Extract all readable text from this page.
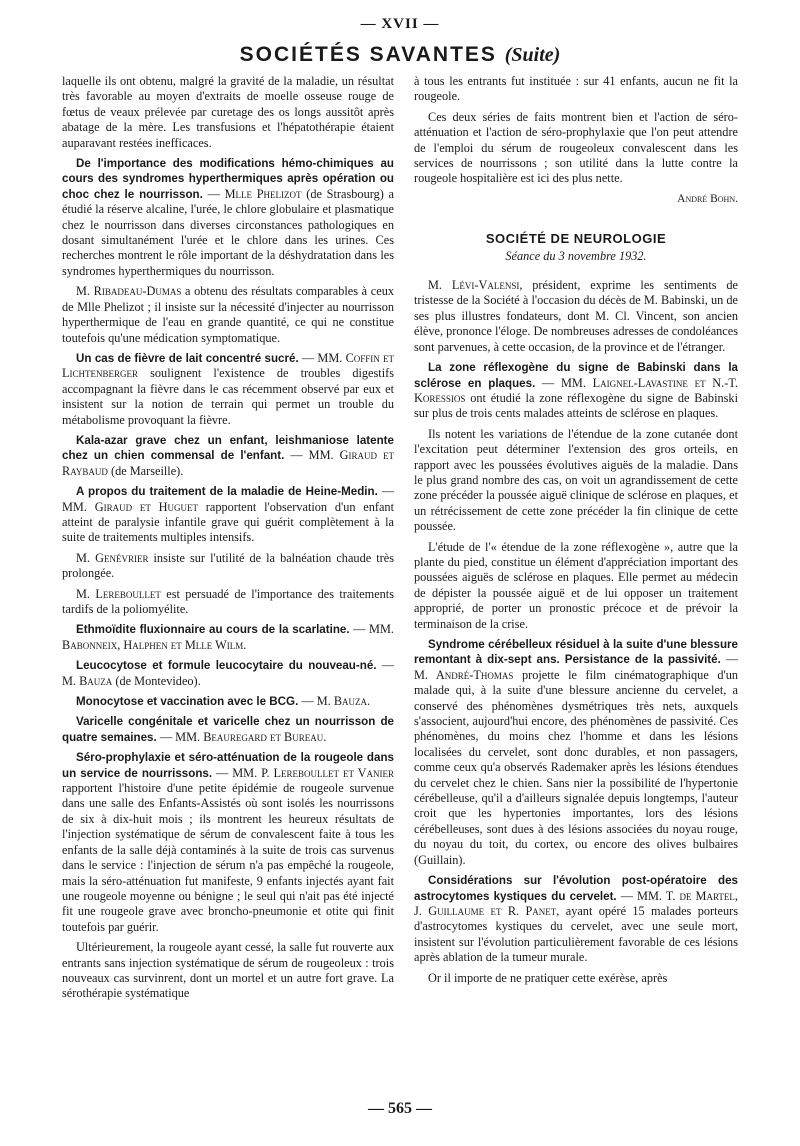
— XVII —
SOCIÉTÉS SAVANTES (Suite)

laquelle ils ont obtenu, malgré la gravité de la maladie, un résultat très favorable au moyen d'extraits de moelle osseuse rouge de fœtus de veaux prélevée par curetage des os longs aussitôt après abatage de la mère. Les transfusions et l'hépatothérapie étaient auparavant restées inefficaces.

De l'importance des modifications hémo-chimiques au cours des syndromes hyperthermiques après opération ou choc chez le nourrisson. — Mlle Phelizot (de Strasbourg) a étudié la réserve alcaline, l'urée, le chlore globulaire et plasmatique chez le nourrisson dans diverses circonstances pathologiques en dosant simultanément l'urée et le chlore dans les urines. Ces recherches montrent le rôle important de la déshydratation dans les syndromes hyperthermiques du nourrisson.

M. Ribadeau-Dumas a obtenu des résultats comparables à ceux de Mlle Phelizot ; il insiste sur la nécessité d'injecter au nourrisson hyperthermique de l'eau en grande quantité, ce qui ne constitue toutefois qu'une médication symptomatique.

Un cas de fièvre de lait concentré sucré. — MM. Coffin et Lichtenberger soulignent l'existence de troubles digestifs accompagnant la fièvre dans le cas récemment observé par eux et insistent sur la notion de terrain qui permet un trouble du métabolisme provoquant la fièvre.

Kala-azar grave chez un enfant, leishmaniose latente chez un chien commensal de l'enfant. — MM. Giraud et Raybaud (de Marseille).

A propos du traitement de la maladie de Heine-Medin. — MM. Giraud et Huguet rapportent l'observation d'un enfant atteint de paralysie infantile grave qui guérit complètement à la suite de traitements multiples intensifs.

M. Genévrier insiste sur l'utilité de la balnéation chaude très prolongée.

M. Lereboullet est persuadé de l'importance des traitements tardifs de la poliomyélite.

Ethmoïdite fluxionnaire au cours de la scarlatine. — MM. Babonneix, Halphen et Mlle Wilm.

Leucocytose et formule leucocytaire du nouveau-né. — M. Bauza (de Montevideo).

Monocytose et vaccination avec le BCG. — M. Bauza.

Varicelle congénitale et varicelle chez un nourrisson de quatre semaines. — MM. Beauregard et Bureau.

Séro-prophylaxie et séro-atténuation de la rougeole dans un service de nourrissons. — MM. P. Lereboullet et Vanier rapportent l'histoire d'une petite épidémie de rougeole survenue dans une salle des Enfants-Assistés où sont isolés les nourrissons de six à dix-huit mois ; ils montrent les heureux résultats de l'injection systématique de sérum de convalescent faite à tous les enfants de la salle déjà contaminés à la suite de trois cas survenus dans le service : l'injection de sérum n'a pas empêché la rougeole, mais la séro-atténuation fut manifeste, 9 enfants injectés ayant fait une rougeole moyenne ou bénigne ; le seul qui n'ait pas été injecté fit une rougeole grave avec broncho-pneumonie et otite qui finit toutefois par guérir.

Ultérieurement, la rougeole ayant cessé, la salle fut rouverte aux entrants sans injection systématique de sérum de rougeoleux : trois nouveaux cas survinrent, dont un mortel et un autre fort grave. La sérothérapie systématique

à tous les entrants fut instituée : sur 41 enfants, aucun ne fit la rougeole.

Ces deux séries de faits montrent bien et l'action de séro-atténuation et l'action de séro-prophylaxie que l'on peut attendre de l'emploi du sérum de rougeoleux convalescent dans les services de nourrissons ; son utilité dans la lutte contre la rougeole hospitalière est ici des plus nette.

André Bohn.

SOCIÉTÉ DE NEUROLOGIE
Séance du 3 novembre 1932.

M. Lévi-Valensi, président, exprime les sentiments de tristesse de la Société à l'occasion du décès de M. Babinski, un de ses plus illustres fondateurs, dont M. Cl. Vincent, son ancien élève, prononce l'éloge. De nombreuses adresses de condoléances sont parvenues, à cette occasion, de la province et de l'étranger.

La zone réflexogène du signe de Babinski dans la sclérose en plaques. — MM. Laignel-Lavastine et N.-T. Koressios ont étudié la zone réflexogène du signe de Babinski sur plus de trois cents malades atteints de sclérose en plaques.

Ils notent les variations de l'étendue de la zone cutanée dont l'excitation peut déterminer l'extension des gros orteils, en rapport avec les poussées évolutives aiguës de la maladie. Dans le plus grand nombre des cas, on voit un agrandissement de cette zone précéder la poussée aiguë clinique de sclérose en plaques, et un rétrécissement de cette zone précéder la fin clinique de cette poussée.

L'étude de l'« étendue de la zone réflexogène », autre que la plante du pied, constitue un élément d'appréciation important des poussées aiguës de sclérose en plaques. Elle permet au médecin de dépister la poussée aiguë et de lui opposer un traitement approprié, de porter un pronostic précoce et de prévoir la terminaison de la crise.

Syndrome cérébelleux résiduel à la suite d'une blessure remontant à dix-sept ans. Persistance de la passivité. — M. André-Thomas projette le film cinématographique d'un malade qui, à la suite d'une blessure ancienne du cervelet, a conservé des phénomènes dysmétriques très nets, auxquels s'associent, aujourd'hui encore, des phénomènes de passivité. Ces phénomènes, du moins chez l'homme et dans les lésions localisées du cervelet, sont donc durables, et non passagers, comme ceux qu'a observés Rademaker après les lésions étendues du cervelet chez le chien. Sans nier la possibilité de l'hypertonie cérébelleuse, qu'il a d'ailleurs signalée depuis longtemps, l'auteur croit que les hypertonies importantes, lors des lésions cérébelleuses, sont dues à des lésions associées du noyau rouge, du noyau du toit, du cortex, ou encore des olives bulbaires (Guillain).

Considérations sur l'évolution post-opératoire des astrocytomes kystiques du cervelet. — MM. T. de Martel, J. Guillaume et R. Panet, ayant opéré 15 malades porteurs d'astrocytomes kystiques du cervelet, avec une seule mort, insistent sur l'évolution particulièrement favorable de ces lésions après ablation de la tumeur murale.

Or il importe de ne pratiquer cette exérèse, après

— 565 —
